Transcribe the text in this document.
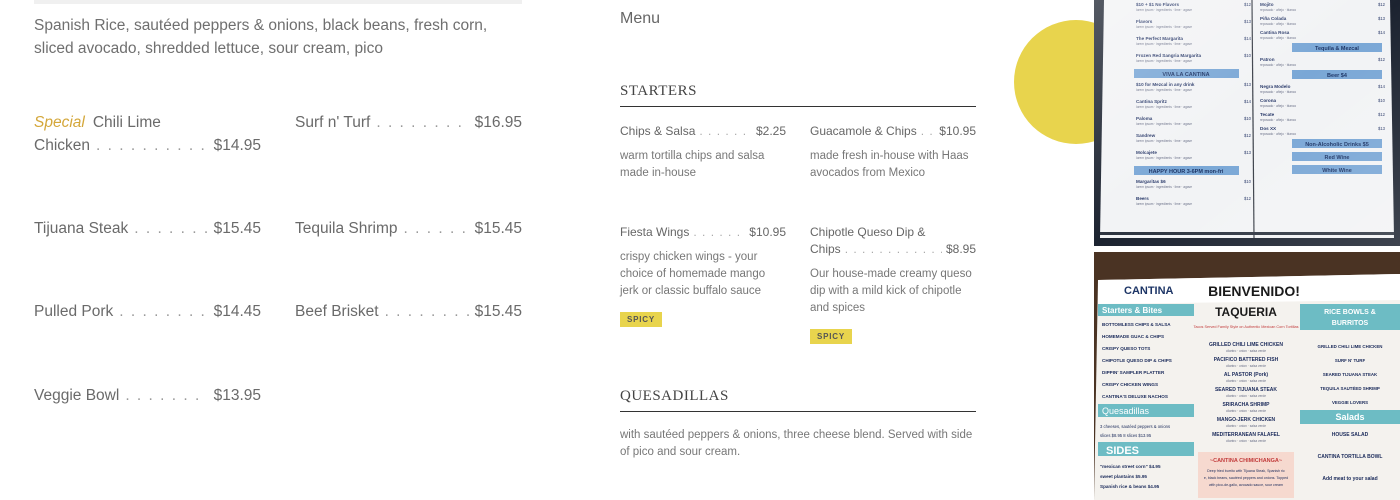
Spanish Rice, sautéed peppers & onions, black beans, fresh corn, sliced avocado, shredded lettuce, sour cream, pico

Special Chili Lime
Chicken . . .	$14.95
Surf n' Turf . . .	$16.95
Tijuana Steak . . .	$15.45 Tequila Shrimp . . .	$15.45
Pulled Pork . . .	$14.45 Beef Brisket . . .	$15.45
Veggie Bowl . . .	$13.95
Menu
STARTERS
Chips & Salsa . . .	$2.25
warm tortilla chips and salsa made in-house
Guacamole & Chips . . . $10.95
made fresh in-house with Haas avocados from Mexico
Fiesta Wings . . .	$10.95
crispy chicken wings - your choice of homemade mango jerk or classic buffalo sauce
SPICY
Chipotle Queso Dip &
Chips . . .	$8.95
Our house-made creamy queso dip with a mild kick of chipotle and spices
SPICY
QUESADILLAS

with sautéed peppers & onions, three cheese blend. Served with side of pico and sour cream.

CANTINA BIENVENIDO!
Starters & Bites
BOTTOMLESS CHIPS & SALSA
HOMEMADE GUAC & CHIPS
CRISPY QUESO TOTS
CHIPOTLE QUESO DIP & CHIPS
DIPPIN' SAMPLER PLATTER
CRISPY CHICKEN WINGS
CANTINA'S DELUXE NACHOS
Quesadillas
3 cheeses, sautéed peppers & onions
slices $8.95 8 slices $13.95
SIDES
"mexican street corn" $4.95
sweet plantains $5.95
Spanish rice & beans $4.95
TAQUERIA
Tacos Served Family Style on Authentic Mexican Corn Tortillas
GRILLED CHILI LIME CHICKEN
cilantro · onion · salsa verde
PACIFICO BATTERED FISH
cilantro · onion · salsa verde
AL PASTOR (Pork)
cilantro · onion · salsa verde
SEARED TIJUANA STEAK
cilantro · onion · salsa verde
SRIRACHA SHRIMP
cilantro · onion · salsa verde
MANGO-JERK CHICKEN
cilantro · onion · salsa verde
MEDITERRANEAN FALAFEL
cilantro · onion · salsa verde
~CANTINA CHIMICHANGA~
Deep fried burrito with Tijuana Steak, Spanish ric
e, black beans, sautéed peppers and onions. Topped
with pico-de-gallo, avocado sauce, sour cream
RICE BOWLS &
BURRITOS
GRILLED CHILI LIME CHICKEN
SURF N' TURF
SEARED TIJUANA STEAK
TEQUILA SAUTÉED SHRIMP
VEGGIE LOVERS
Salads
HOUSE SALAD
CANTINA TORTILLA BOWL
Add meat to your salad
